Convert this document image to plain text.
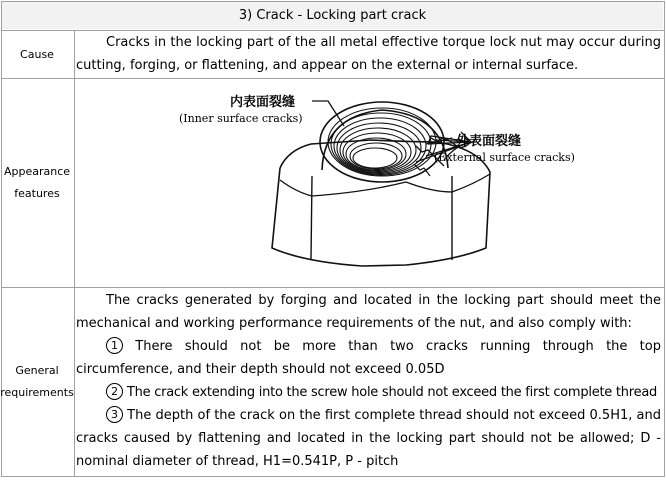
3) Crack - Locking part crack
Cause

Cracks in the locking part of the all metal effective torque lock nut may occur during cutting, forging, or flattening, and appear on the external or internal surface.

Appearance
features
内表面裂缝
(Inner surface cracks)
外表面裂缝
(External surface cracks)
General
requirements

The cracks generated by forging and located in the locking part should meet the mechanical and working performance requirements of the nut, and also comply with:

1 There should not be more than two cracks running through the top circumference, and their depth should not exceed 0.05D

2 The crack extending into the screw hole should not exceed the first complete thread

3 The depth of the crack on the first complete thread should not exceed 0.5H1, and cracks caused by flattening and located in the locking part should not be allowed; D - nominal diameter of thread, H1=0.541P, P - pitch
